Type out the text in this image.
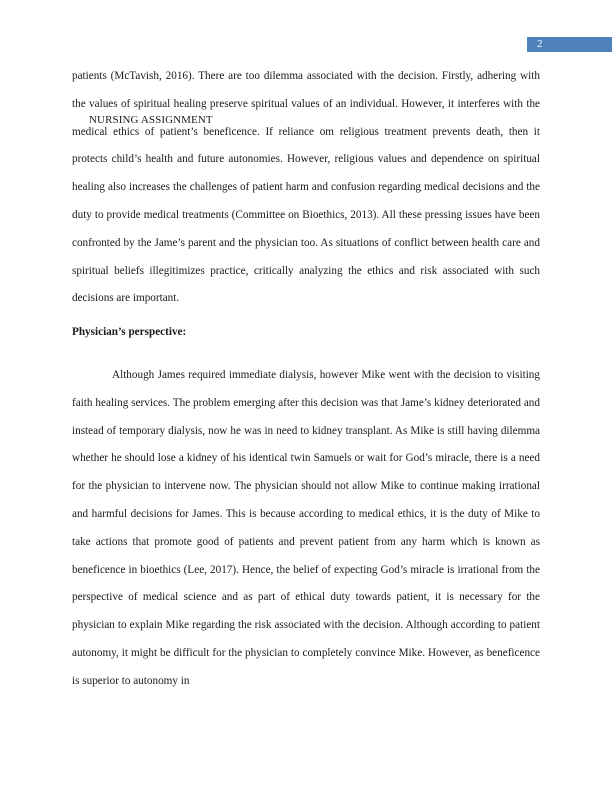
2
NURSING ASSIGNMENT

patients (McTavish, 2016). There are too dilemma associated with the decision. Firstly, adhering with the values of spiritual healing preserve spiritual values of an individual. However, it interferes with the medical ethics of patient’s beneficence. If reliance om religious treatment prevents death, then it protects child’s health and future autonomies. However, religious values and dependence on spiritual healing also increases the challenges of patient harm and confusion regarding medical decisions and the duty to provide medical treatments (Committee on Bioethics, 2013). All these pressing issues have been confronted by the Jame’s parent and the physician too. As situations of conflict between health care and spiritual beliefs illegitimizes practice, critically analyzing the ethics and risk associated with such decisions are important.

Physician’s perspective:

Although James required immediate dialysis, however Mike went with the decision to visiting faith healing services. The problem emerging after this decision was that Jame’s kidney deteriorated and instead of temporary dialysis, now he was in need to kidney transplant. As Mike is still having dilemma whether he should lose a kidney of his identical twin Samuels or wait for God’s miracle, there is a need for the physician to intervene now. The physician should not allow Mike to continue making irrational and harmful decisions for James. This is because according to medical ethics, it is the duty of Mike to take actions that promote good of patients and prevent patient from any harm which is known as beneficence in bioethics (Lee, 2017). Hence, the belief of expecting God’s miracle is irrational from the perspective of medical science and as part of ethical duty towards patient, it is necessary for the physician to explain Mike regarding the risk associated with the decision. Although according to patient autonomy, it might be difficult for the physician to completely convince Mike. However, as beneficence is superior to autonomy in
